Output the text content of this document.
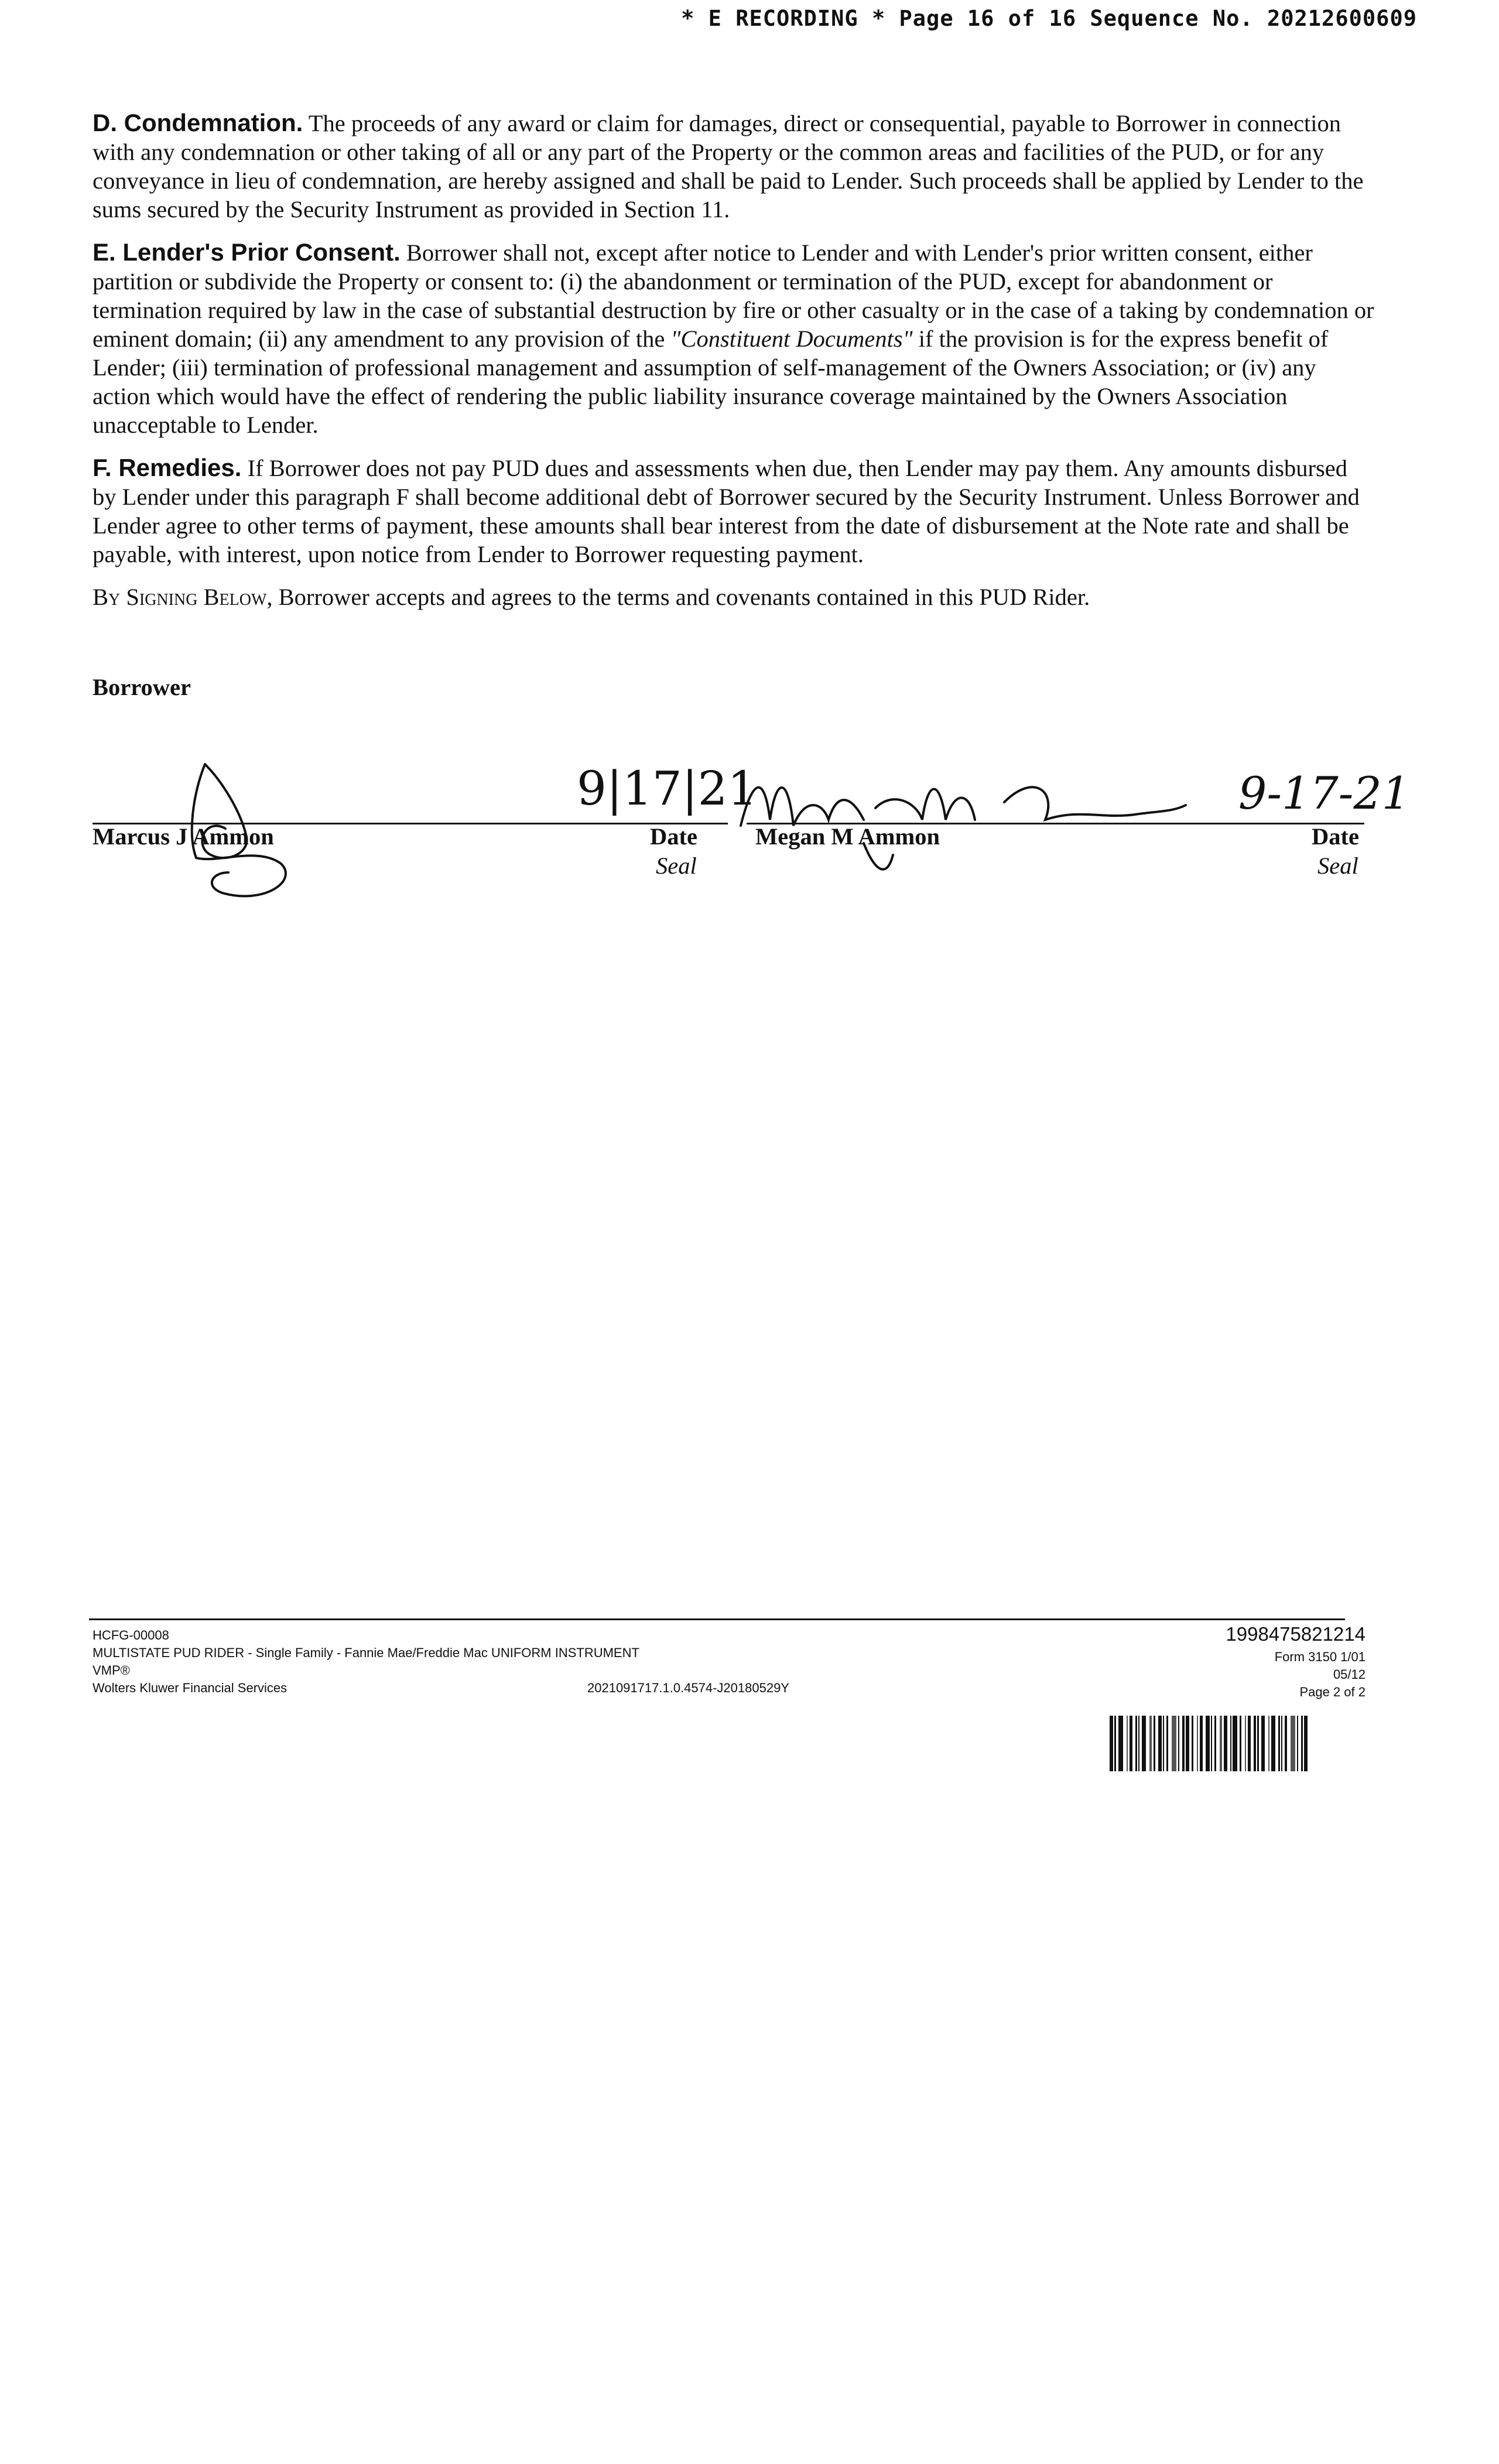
* E RECORDING * Page 16 of 16 Sequence No. 20212600609

D. Condemnation. The proceeds of any award or claim for damages, direct or consequential, payable to Borrower in connection with any condemnation or other taking of all or any part of the Property or the common areas and facilities of the PUD, or for any conveyance in lieu of condemnation, are hereby assigned and shall be paid to Lender. Such proceeds shall be applied by Lender to the sums secured by the Security Instrument as provided in Section 11.

E. Lender's Prior Consent. Borrower shall not, except after notice to Lender and with Lender's prior written consent, either partition or subdivide the Property or consent to: (i) the abandonment or termination of the PUD, except for abandonment or termination required by law in the case of substantial destruction by fire or other casualty or in the case of a taking by condemnation or eminent domain; (ii) any amendment to any provision of the "Constituent Documents" if the provision is for the express benefit of Lender; (iii) termination of professional management and assumption of self-management of the Owners Association; or (iv) any action which would have the effect of rendering the public liability insurance coverage maintained by the Owners Association unacceptable to Lender.

F. Remedies. If Borrower does not pay PUD dues and assessments when due, then Lender may pay them. Any amounts disbursed by Lender under this paragraph F shall become additional debt of Borrower secured by the Security Instrument. Unless Borrower and Lender agree to other terms of payment, these amounts shall bear interest from the date of disbursement at the Note rate and shall be payable, with interest, upon notice from Lender to Borrower requesting payment.

By Signing Below, Borrower accepts and agrees to the terms and covenants contained in this PUD Rider.

Borrower
Marcus J Ammon
9|17|21
Date
Seal
Megan M Ammon
9-17-21
Date
Seal
HCFG-00008
MULTISTATE PUD RIDER - Single Family - Fannie Mae/Freddie Mac UNIFORM INSTRUMENT
VMP®
Wolters Kluwer Financial Services	2021091717.1.0.4574-J20180529Y
1998475821214
Form 3150 1/01
05/12
Page 2 of 2
